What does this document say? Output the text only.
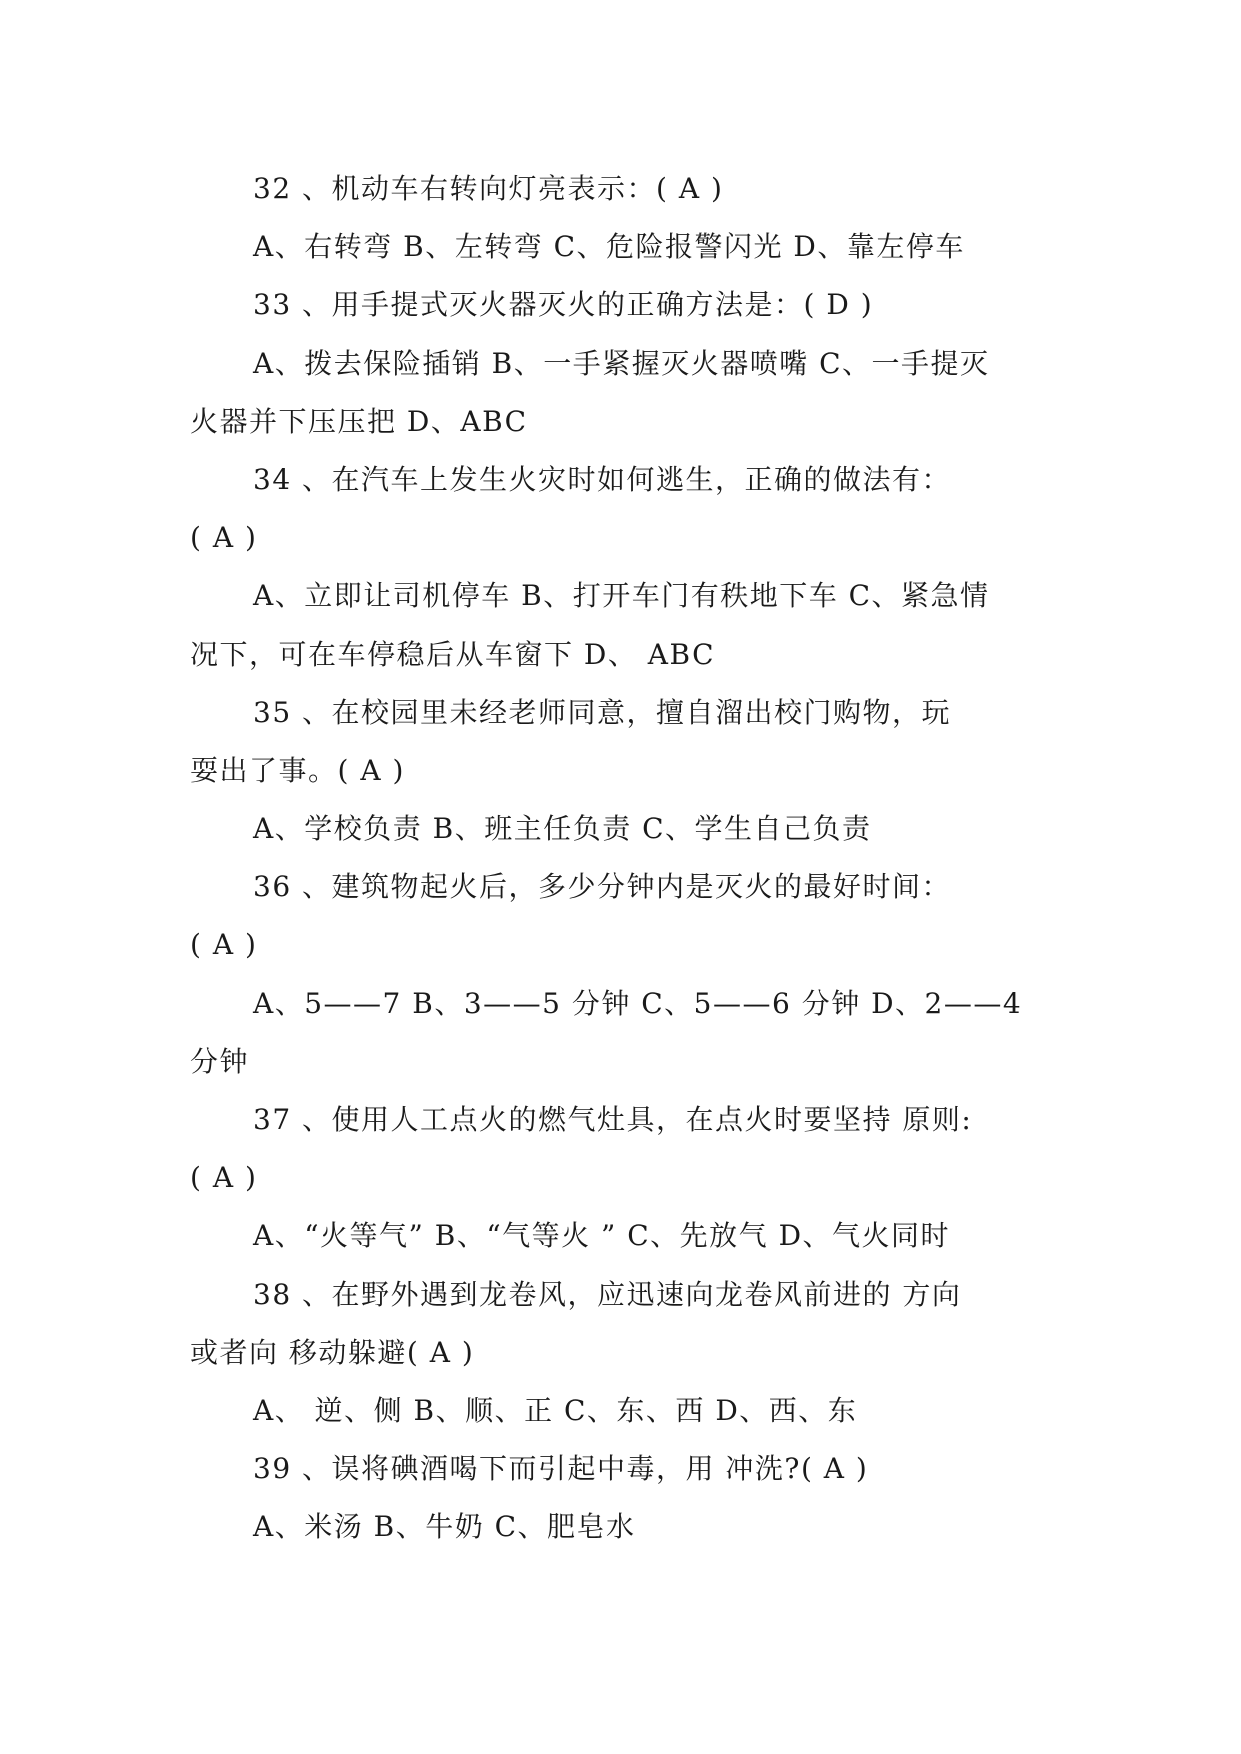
32 、机动车右转向灯亮表示：( A )
A、右转弯 B、左转弯 C、危险报警闪光 D、靠左停车
33 、用手提式灭火器灭火的正确方法是：( D )
A、拨去保险插销 B、一手紧握灭火器喷嘴 C、一手提灭
火器并下压压把 D、ABC
34 、在汽车上发生火灾时如何逃生，正确的做法有：
( A )
A、立即让司机停车 B、打开车门有秩地下车 C、紧急情
况下，可在车停稳后从车窗下 D、 ABC
35 、在校园里未经老师同意，擅自溜出校门购物，玩
耍出了事。( A )
A、学校负责 B、班主任负责 C、学生自己负责
36 、建筑物起火后，多少分钟内是灭火的最好时间：
( A )
A、5——7 B、3——5 分钟 C、5——6 分钟 D、2——4
分钟
37 、使用人工点火的燃气灶具，在点火时要坚持 原则:
( A )
A、“火等气” B、“气等火 ” C、先放气 D、气火同时
38 、在野外遇到龙卷风，应迅速向龙卷风前进的 方向
或者向 移动躲避( A )
A、 逆、侧 B、顺、正 C、东、西 D、西、东
39 、误将碘酒喝下而引起中毒，用 冲洗?( A )
A、米汤 B、牛奶 C、肥皂水
